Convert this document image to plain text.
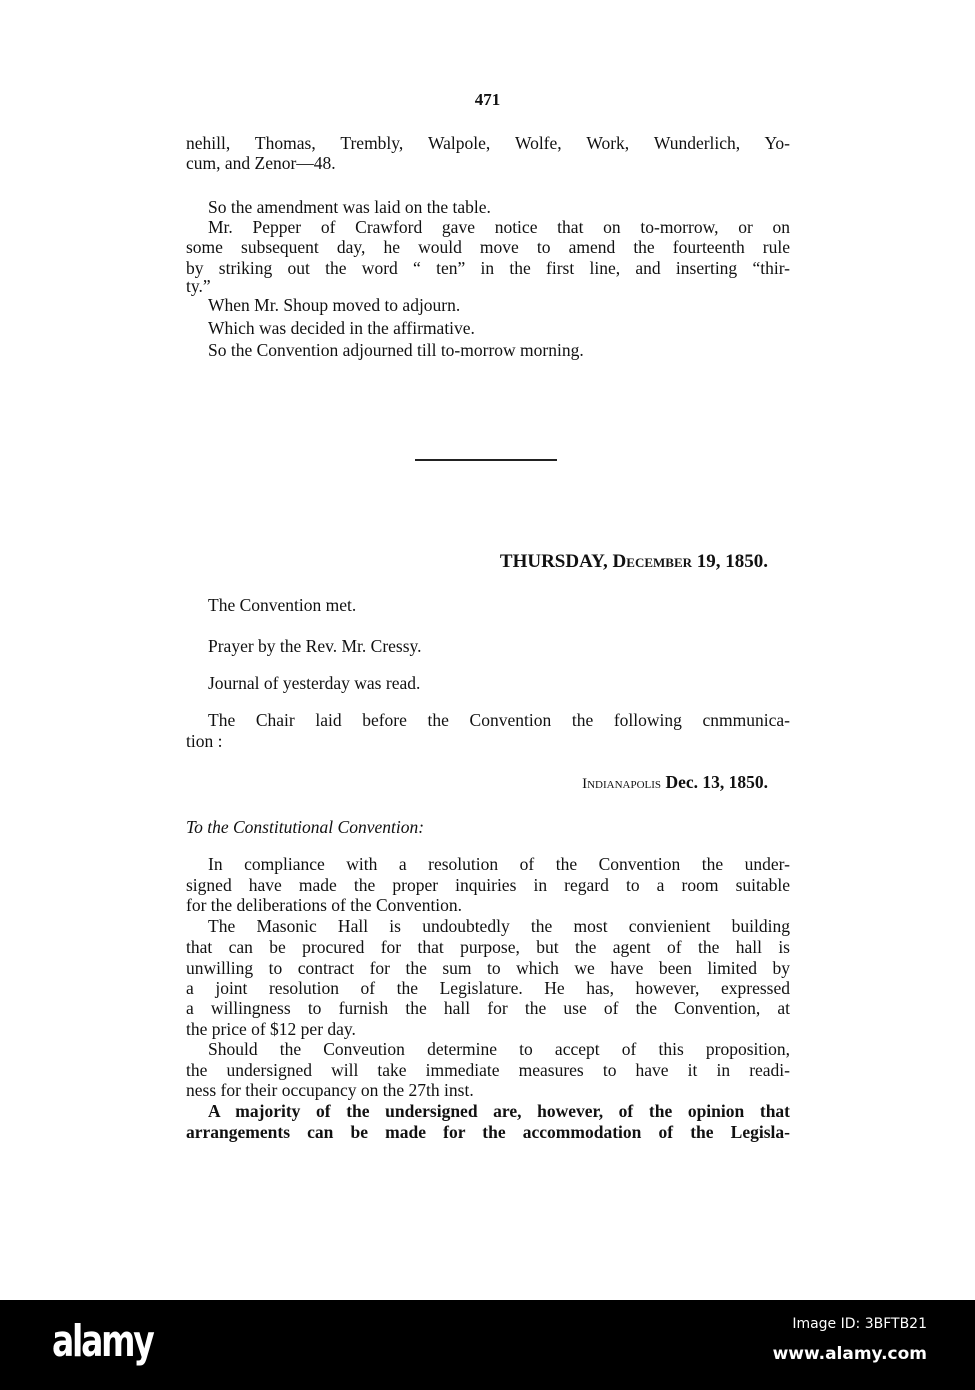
471
nehill, Thomas, Trembly, Walpole, Wolfe, Work, Wunderlich, Yo-
cum, and Zenor—48.
So the amendment was laid on the table.
Mr. Pepper of Crawford gave notice that on to-morrow, or on
some subsequent day, he would move to amend the fourteenth rule
by striking out the word “ ten” in the first line, and inserting “thir-
ty.”
When Mr. Shoup moved to adjourn.
Which was decided in the affirmative.
So the Convention adjourned till to-morrow morning.
THURSDAY, December 19, 1850.
The Convention met.
Prayer by the Rev. Mr. Cressy.
Journal of yesterday was read.
The Chair laid before the Convention the following cnmmunica-
tion :
Indianapolis Dec. 13, 1850.
To the Constitutional Convention:
In compliance with a resolution of the Convention the under-
signed have made the proper inquiries in regard to a room suitable
for the deliberations of the Convention.
The Masonic Hall is undoubtedly the most convienient building
that can be procured for that purpose, but the agent of the hall is
unwilling to contract for the sum to which we have been limited by
a joint resolution of the Legislature. He has, however, expressed
a willingness to furnish the hall for the use of the Convention, at
the price of $12 per day.
Should the Conveution determine to accept of this proposition,
the undersigned will take immediate measures to have it in readi-
ness for their occupancy on the 27th inst.
A majority of the undersigned are, however, of the opinion that
arrangements can be made for the accommodation of the Legisla-
alamy	Image ID: 3BFTB21
www.alamy.com
